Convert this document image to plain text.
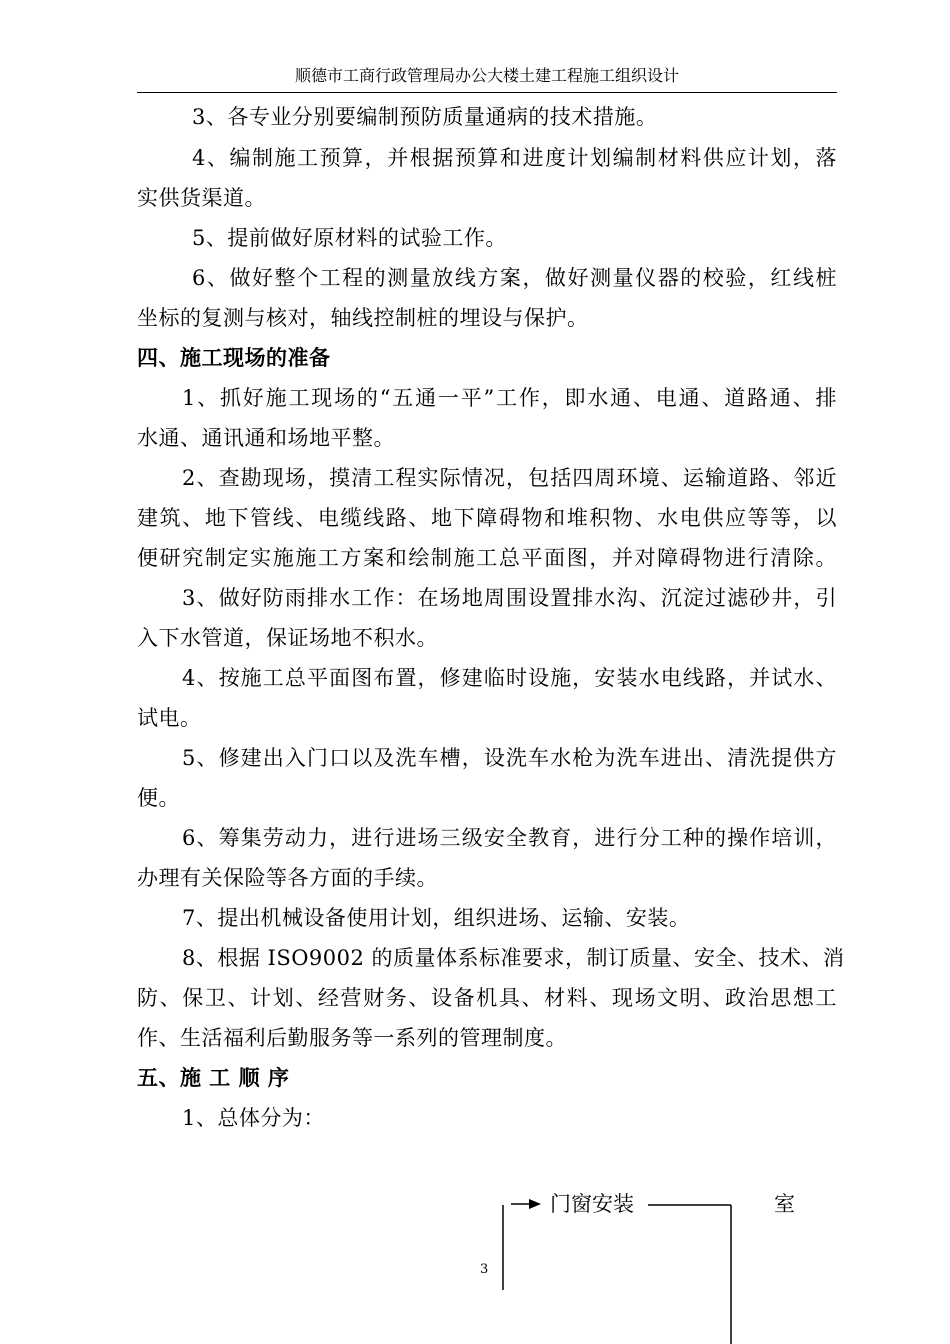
顺德市工商行政管理局办公大楼土建工程施工组织设计
3、各专业分别要编制预防质量通病的技术措施。
4、编制施工预算，并根据预算和进度计划编制材料供应计划，落
实供货渠道。
5、提前做好原材料的试验工作。
6、做好整个工程的测量放线方案，做好测量仪器的校验，红线桩
坐标的复测与核对，轴线控制桩的埋设与保护。
四、施工现场的准备
1、抓好施工现场的“五通一平”工作，即水通、电通、道路通、排
水通、通讯通和场地平整。
2、查勘现场，摸清工程实际情况，包括四周环境、运输道路、邻近
建筑、地下管线、电缆线路、地下障碍物和堆积物、水电供应等等，以
便研究制定实施施工方案和绘制施工总平面图，并对障碍物进行清除。
3、做好防雨排水工作：在场地周围设置排水沟、沉淀过滤砂井，引
入下水管道，保证场地不积水。
4、按施工总平面图布置，修建临时设施，安装水电线路，并试水、
试电。
5、修建出入门口以及洗车槽，设洗车水枪为洗车进出、清洗提供方
便。
6、筹集劳动力，进行进场三级安全教育，进行分工种的操作培训，
办理有关保险等各方面的手续。
7、提出机械设备使用计划，组织进场、运输、安装。
8、根据 ISO9002 的质量体系标准要求，制订质量、安全、技术、消
防、保卫、计划、经营财务、设备机具、材料、现场文明、政治思想工
作、生活福利后勤服务等一系列的管理制度。
五、施 工 顺 序
1、总体分为：
门窗安装	室
3
